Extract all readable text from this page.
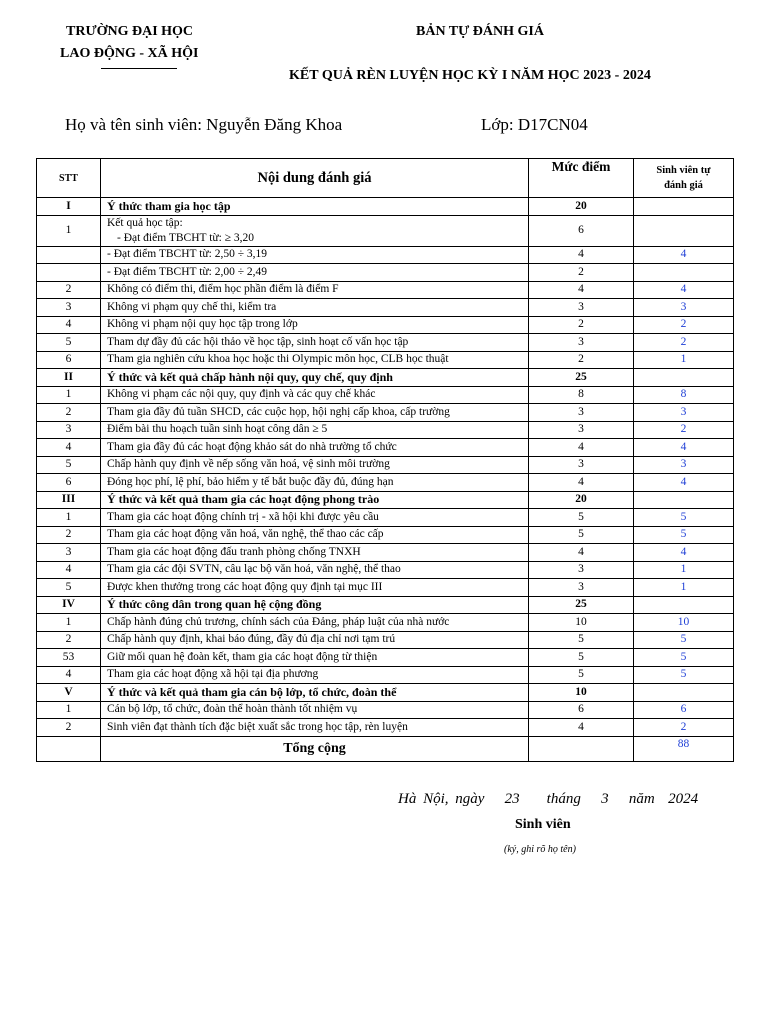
TRƯỜNG ĐẠI HỌC
LAO ĐỘNG - XÃ HỘI
BẢN TỰ ĐÁNH GIÁ
KẾT QUẢ RÈN LUYỆN HỌC KỲ I NĂM HỌC 2023 - 2024
Họ và tên sinh viên: Nguyễn Đăng Khoa	Lớp: D17CN04
STT	Nội dung đánh giá	Mức điểm	Sinh viên tự
đánh giá
I	Ý thức tham gia học tập	20	
1	Kết quả học tập:
- Đạt điểm TBCHT từ: ≥ 3,20	6	
	- Đạt điểm TBCHT từ: 2,50 ÷ 3,19	4	4
	- Đạt điểm TBCHT từ: 2,00 ÷ 2,49	2	
2	Không có điểm thi, điểm học phần điểm là điểm F	4	4
3	Không vi phạm quy chế thi, kiểm tra	3	3
4	Không vi phạm nội quy học tập trong lớp	2	2
5	Tham dự đầy đủ các hội thảo về học tập, sinh hoạt cố vấn học tập	3	2
6	Tham gia nghiên cứu khoa học hoặc thi Olympic môn học, CLB học thuật	2	1
II	Ý thức và kết quả chấp hành nội quy, quy chế, quy định	25	
1	Không vi phạm các nội quy, quy định và các quy chế khác	8	8
2	Tham gia đầy đủ tuần SHCD, các cuộc họp, hội nghị cấp khoa, cấp trường	3	3
3	Điểm bài thu hoạch tuần sinh hoạt công dân ≥ 5	3	2
4	Tham gia đầy đủ các hoạt động khảo sát do nhà trường tổ chức	4	4
5	Chấp hành quy định về nếp sống văn hoá, vệ sinh môi trường	3	3
6	Đóng học phí, lệ phí, bảo hiểm y tế bắt buộc đầy đủ, đúng hạn	4	4
III	Ý thức và kết quả tham gia các hoạt động phong trào	20	
1	Tham gia các hoạt động chính trị - xã hội khi được yêu cầu	5	5
2	Tham gia các hoạt động văn hoá, văn nghệ, thể thao các cấp	5	5
3	Tham gia các hoạt động đấu tranh phòng chống TNXH	4	4
4	Tham gia các đội SVTN, câu lạc bộ văn hoá, văn nghệ, thể thao	3	1
5	Được khen thưởng trong các hoạt động quy định tại mục III	3	1
IV	Ý thức công dân trong quan hệ cộng đồng	25	
1	Chấp hành đúng chủ trương, chính sách của Đảng, pháp luật của nhà nước	10	10
2	Chấp hành quy định, khai báo đúng, đầy đủ địa chỉ nơi tạm trú	5	5
53	Giữ mối quan hệ đoàn kết, tham gia các hoạt động từ thiện	5	5
4	Tham gia các hoạt động xã hội tại địa phương	5	5
V	Ý thức và kết quả tham gia cán bộ lớp, tổ chức, đoàn thể	10	
1	Cán bộ lớp, tổ chức, đoàn thể hoàn thành tốt nhiệm vụ	6	6
2	Sinh viên đạt thành tích đặc biệt xuất sắc trong học tập, rèn luyện	4	2
	Tổng cộng		88
Hà Nội, ngày   23    tháng   3   năm  2024
Sinh viên
(ký, ghi rõ họ tên)
